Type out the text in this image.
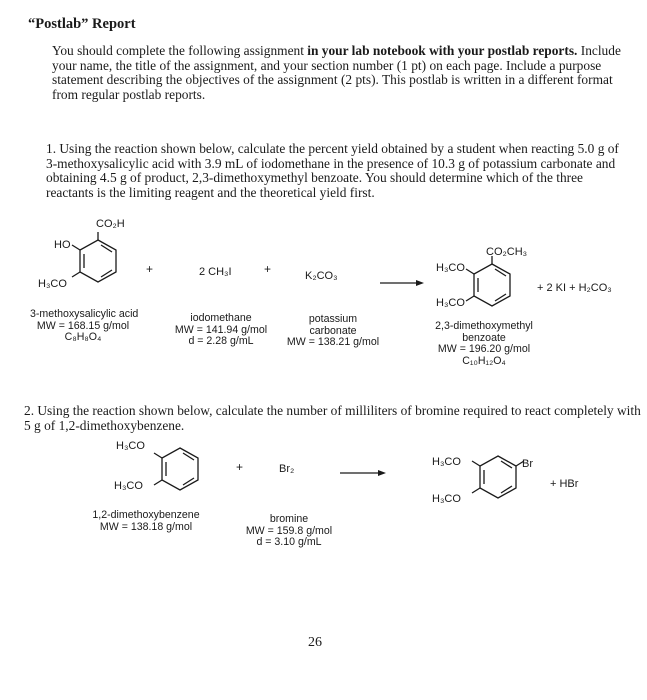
“Postlab” Report

You should complete the following assignment in your lab notebook with your postlab reports. Include your name, the title of the assignment, and your section number (1 pt) on each page. Include a purpose statement describing the objectives of the assignment (2 pts). This postlab is written in a different format from regular postlab reports.

1. Using the reaction shown below, calculate the percent yield obtained by a student when reacting 5.0 g of 3-methoxysalicylic acid with 3.9 mL of iodomethane in the presence of 10.3 g of potassium carbonate and obtaining 4.5 g of product, 2,3-dimethoxymethyl benzoate. You should determine which of the three reactants is the limiting reagent and the theoretical yield first.

CO₂H
HO
H₃CO
+	2 CH₃I	+	K₂CO₃
CO₂CH₃
H₃CO
H₃CO
+ 2 KI + H₂CO₃
3-methoxysalicylic acid
MW = 168.15 g/mol
C₈H₈O₄
iodomethane
MW = 141.94 g/mol
d = 2.28 g/mL
potassium
carbonate
MW = 138.21 g/mol
2,3-dimethoxymethyl
benzoate
MW = 196.20 g/mol
C₁₀H₁₂O₄

2. Using the reaction shown below, calculate the number of milliliters of bromine required to react completely with 5 g of 1,2-dimethoxybenzene.

H₃CO
H₃CO
+	Br₂
H₃CO
H₃CO
Br
+ HBr
1,2-dimethoxybenzene
MW = 138.18 g/mol
bromine
MW = 159.8 g/mol
d = 3.10 g/mL
26
